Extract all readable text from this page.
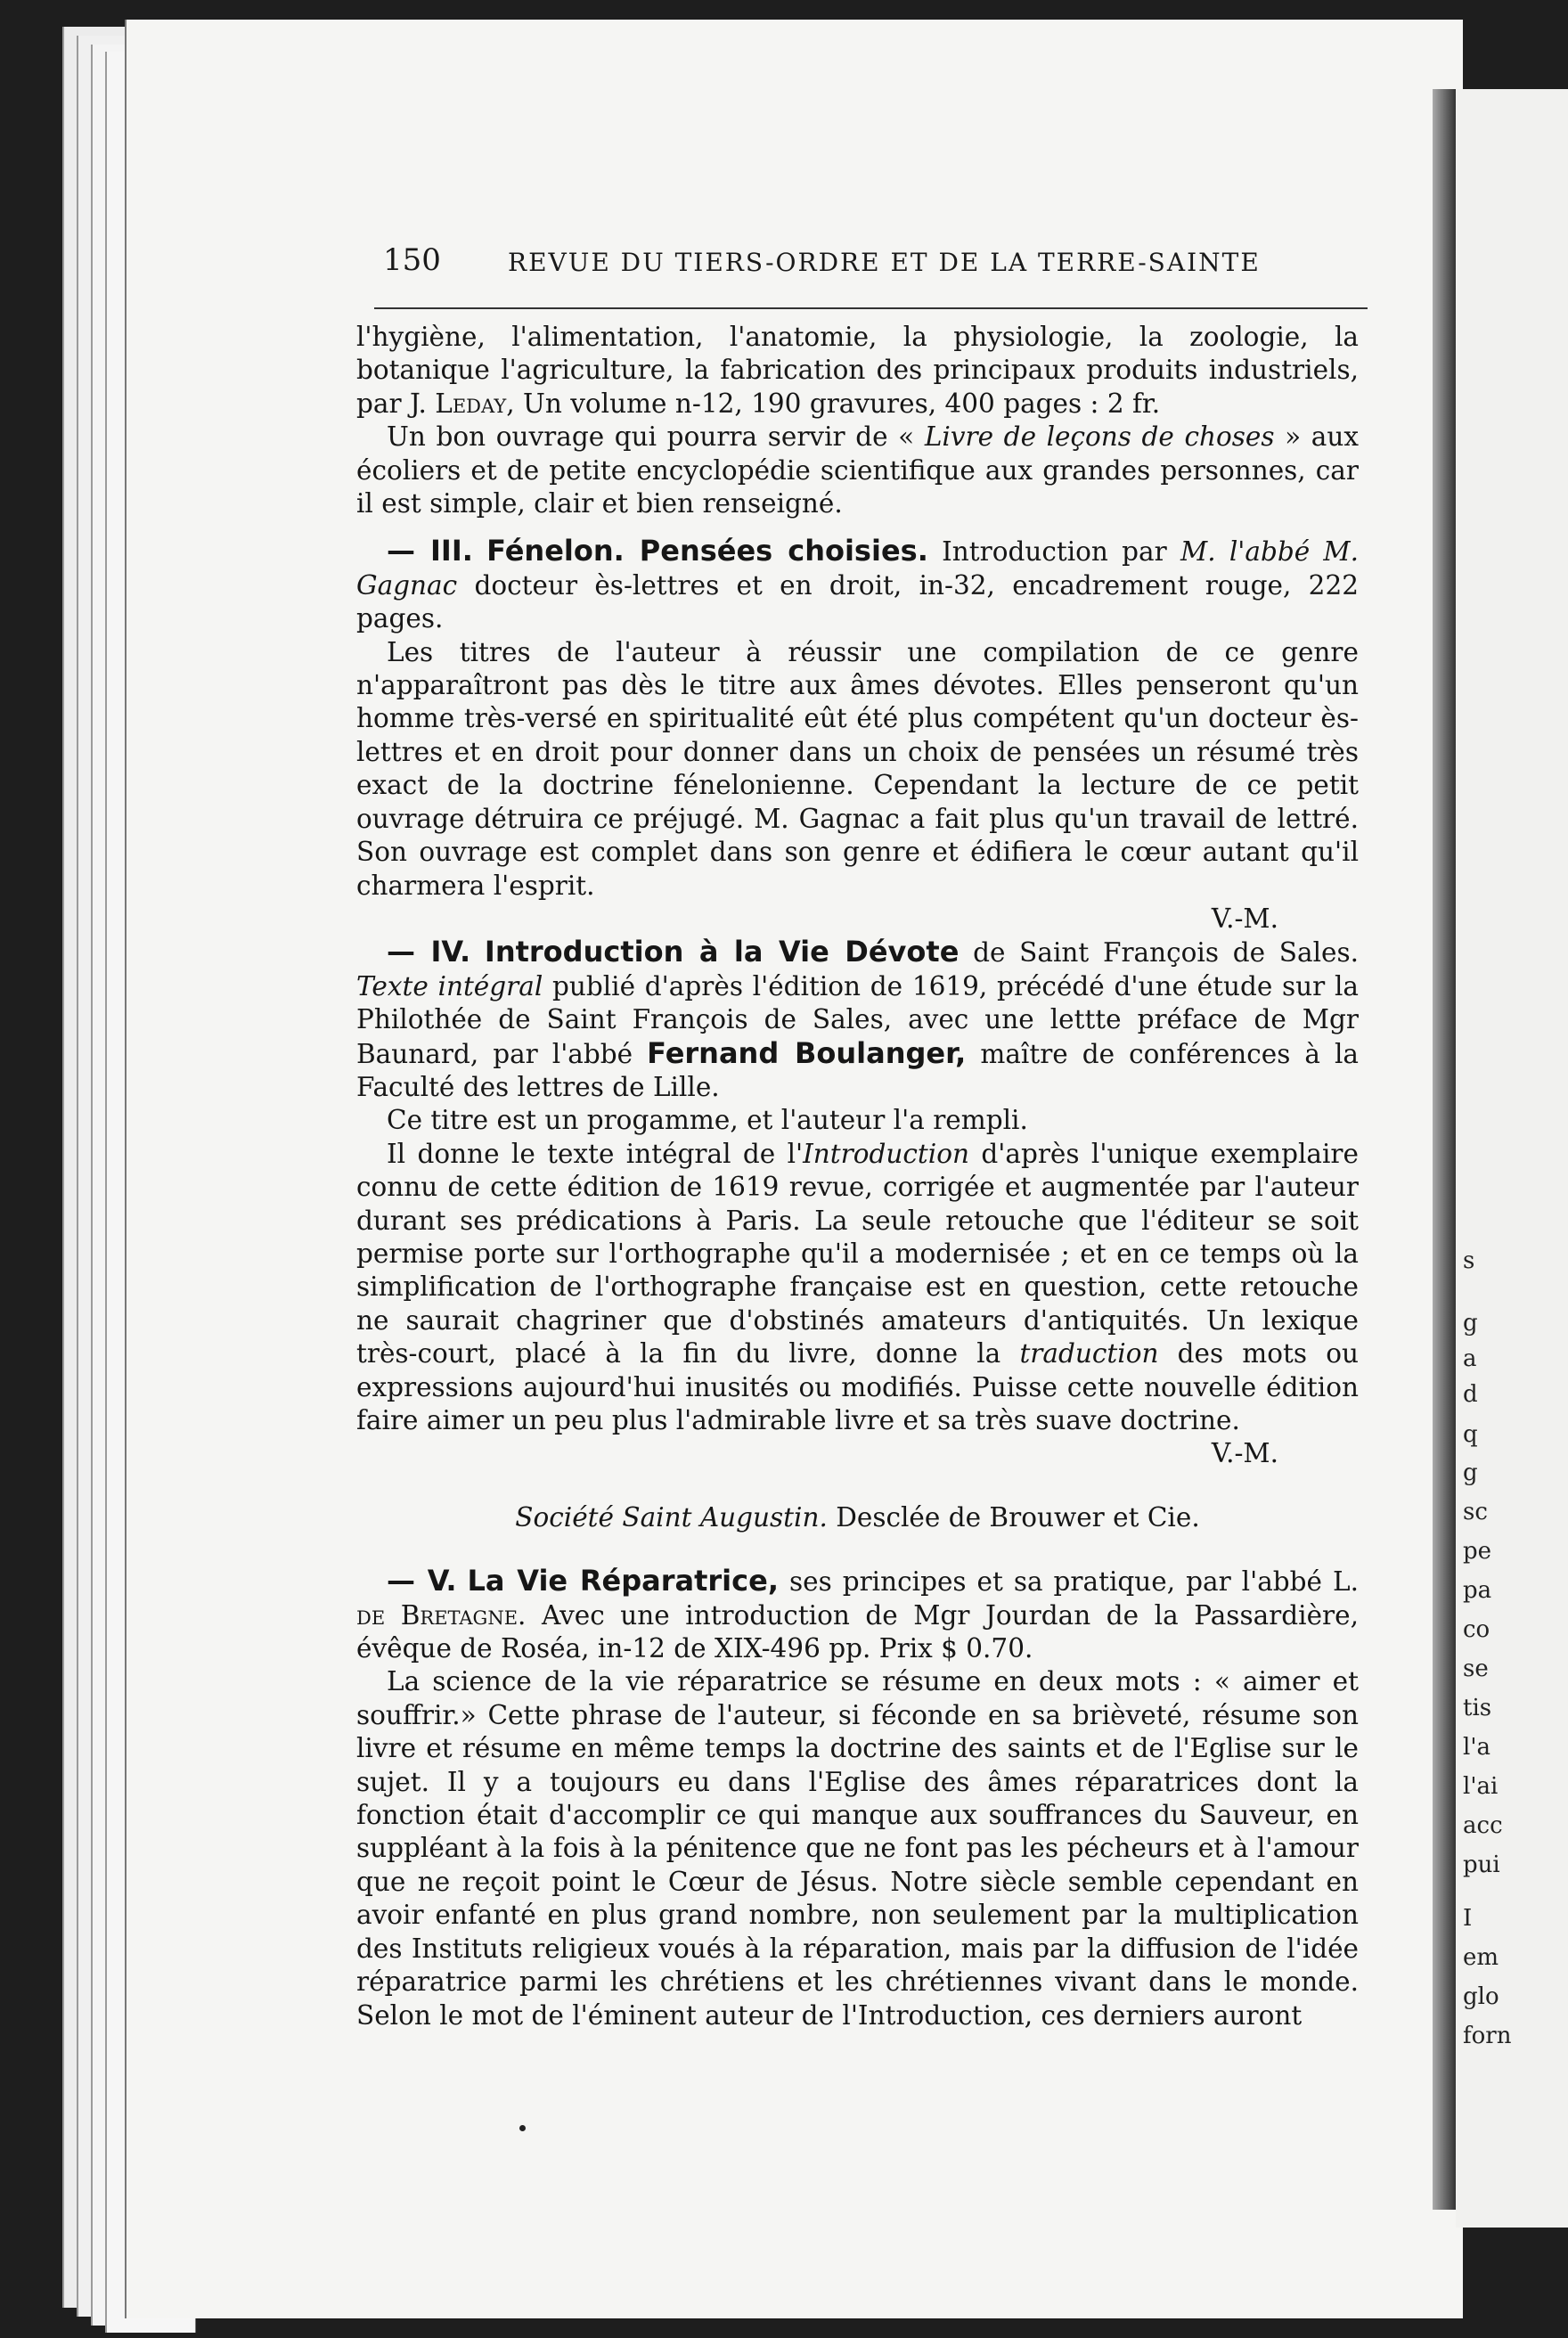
s
g
a
d
q
g
sc
pe
pa
co
se
tis
l'a
l'ai
acc
pui
I
em
glo
forn
150	REVUE DU TIERS-ORDRE ET DE LA TERRE-SAINTE

l'hygiène, l'alimentation, l'anatomie, la physiologie, la zoologie, la botanique l'agriculture, la fabrication des principaux produits industriels, par J. Leday, Un volume n-12, 190 gravures, 400 pages : 2 fr.

Un bon ouvrage qui pourra servir de « Livre de leçons de choses » aux écoliers et de petite encyclopédie scientifique aux grandes personnes, car il est simple, clair et bien renseigné.

— III. Fénelon. Pensées choisies. Introduction par M. l'abbé M. Gagnac docteur ès-lettres et en droit, in-32, encadrement rouge, 222 pages.

Les titres de l'auteur à réussir une compilation de ce genre n'apparaîtront pas dès le titre aux âmes dévotes. Elles penseront qu'un homme très-versé en spiritualité eût été plus compétent qu'un docteur ès-lettres et en droit pour donner dans un choix de pensées un résumé très exact de la doctrine fénelonienne. Cependant la lecture de ce petit ouvrage détruira ce préjugé. M. Gagnac a fait plus qu'un travail de lettré. Son ouvrage est complet dans son genre et édifiera le cœur autant qu'il charmera l'esprit.

V.-M.

— IV. Introduction à la Vie Dévote de Saint François de Sales. Texte intégral publié d'après l'édition de 1619, précédé d'une étude sur la Philothée de Saint François de Sales, avec une lettte préface de Mgr Baunard, par l'abbé Fernand Boulanger, maître de conférences à la Faculté des lettres de Lille.

Ce titre est un progamme, et l'auteur l'a rempli.

Il donne le texte intégral de l'Introduction d'après l'unique exemplaire connu de cette édition de 1619 revue, corrigée et augmentée par l'auteur durant ses prédications à Paris. La seule retouche que l'éditeur se soit permise porte sur l'orthographe qu'il a modernisée ; et en ce temps où la simplification de l'orthographe française est en question, cette retouche ne saurait chagriner que d'obstinés amateurs d'antiquités. Un lexique très-court, placé à la fin du livre, donne la traduction des mots ou expressions aujourd'hui inusités ou modifiés. Puisse cette nouvelle édition faire aimer un peu plus l'admirable livre et sa très suave doctrine.

V.-M.

Société Saint Augustin. Desclée de Brouwer et Cie.

— V. La Vie Réparatrice, ses principes et sa pratique, par l'abbé L. de Bretagne. Avec une introduction de Mgr Jourdan de la Passardière, évêque de Roséa, in-12 de XIX-496 pp. Prix $ 0.70.

La science de la vie réparatrice se résume en deux mots : « aimer et souffrir.» Cette phrase de l'auteur, si féconde en sa brièveté, résume son livre et résume en même temps la doctrine des saints et de l'Eglise sur le sujet. Il y a toujours eu dans l'Eglise des âmes réparatrices dont la fonction était d'accomplir ce qui manque aux souffrances du Sauveur, en suppléant à la fois à la pénitence que ne font pas les pécheurs et à l'amour que ne reçoit point le Cœur de Jésus. Notre siècle semble cependant en avoir enfanté en plus grand nombre, non seulement par la multiplication des Instituts religieux voués à la réparation, mais par la diffusion de l'idée réparatrice parmi les chrétiens et les chrétiennes vivant dans le monde. Selon le mot de l'éminent auteur de l'Introduction, ces derniers auront
